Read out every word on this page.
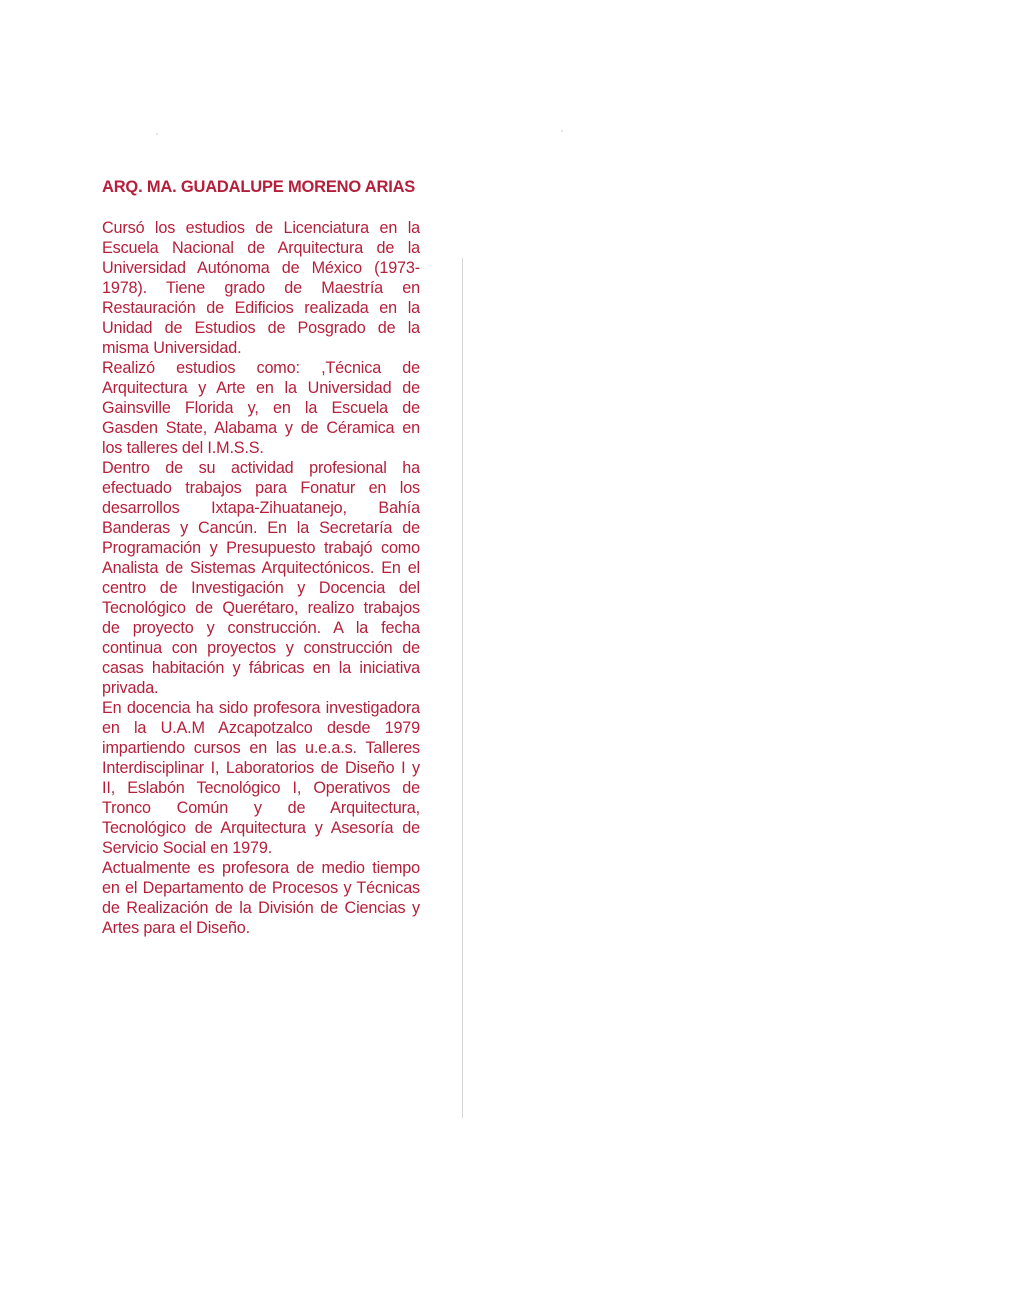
ARQ. MA. GUADALUPE MORENO ARIAS

Cursó los estudios de Licenciatura en la Escuela Nacional de Arquitectura de la Universidad Autónoma de México (1973-1978). Tiene grado de Maestría en Restauración de Edificios realizada en la Unidad de Estudios de Posgrado de la misma Universidad.

Realizó estudios como: ,Técnica de Arquitectura y Arte en la Universidad de Gainsville Florida y, en la Escuela de Gasden State, Alabama y de Céramica en los talleres del I.M.S.S.

Dentro de su actividad profesional ha efectuado trabajos para Fonatur en los desarrollos Ixtapa-Zihuatanejo, Bahía Banderas y Cancún. En la Secretaría de Programación y Presupuesto trabajó como Analista de Sistemas Arquitectónicos. En el centro de Investigación y Docencia del Tecnológico de Querétaro, realizo trabajos de proyecto y construcción. A la fecha continua con proyectos y construcción de casas habitación y fábricas en la iniciativa privada.

En docencia ha sido profesora investigadora en la U.A.M Azcapotzalco desde 1979 impartiendo cursos en las u.e.a.s. Talleres Interdisciplinar I, Laboratorios de Diseño I y II, Eslabón Tecnológico I, Operativos de Tronco Común y de Arquitectura, Tecnológico de Arquitectura y Asesoría de Servicio Social en 1979.

Actualmente es profesora de medio tiempo en el Departamento de Procesos y Técnicas de Realización de la División de Ciencias y Artes para el Diseño.
